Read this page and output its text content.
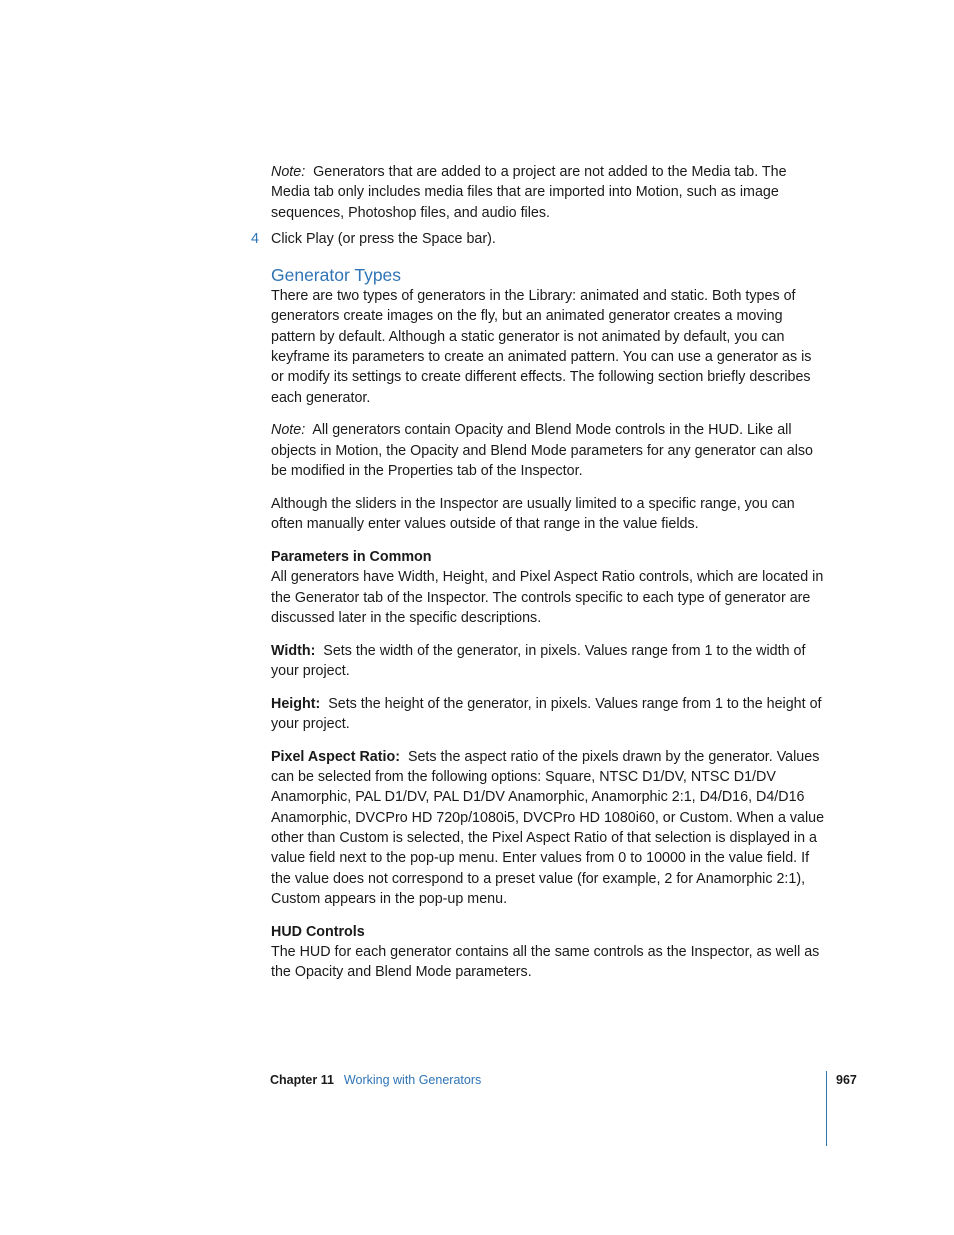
Note: Generators that are added to a project are not added to the Media tab. The Media tab only includes media files that are imported into Motion, such as image sequences, Photoshop files, and audio files.

4 Click Play (or press the Space bar).

Generator Types

There are two types of generators in the Library: animated and static. Both types of generators create images on the fly, but an animated generator creates a moving pattern by default. Although a static generator is not animated by default, you can keyframe its parameters to create an animated pattern. You can use a generator as is or modify its settings to create different effects. The following section briefly describes each generator.

Note: All generators contain Opacity and Blend Mode controls in the HUD. Like all objects in Motion, the Opacity and Blend Mode parameters for any generator can also be modified in the Properties tab of the Inspector.

Although the sliders in the Inspector are usually limited to a specific range, you can often manually enter values outside of that range in the value fields.

Parameters in Common

All generators have Width, Height, and Pixel Aspect Ratio controls, which are located in the Generator tab of the Inspector. The controls specific to each type of generator are discussed later in the specific descriptions.

Width: Sets the width of the generator, in pixels. Values range from 1 to the width of your project.

Height: Sets the height of the generator, in pixels. Values range from 1 to the height of your project.

Pixel Aspect Ratio: Sets the aspect ratio of the pixels drawn by the generator. Values can be selected from the following options: Square, NTSC D1/DV, NTSC D1/DV Anamorphic, PAL D1/DV, PAL D1/DV Anamorphic, Anamorphic 2:1, D4/D16, D4/D16 Anamorphic, DVCPro HD 720p/1080i5, DVCPro HD 1080i60, or Custom. When a value other than Custom is selected, the Pixel Aspect Ratio of that selection is displayed in a value field next to the pop-up menu. Enter values from 0 to 10000 in the value field. If the value does not correspond to a preset value (for example, 2 for Anamorphic 2:1), Custom appears in the pop-up menu.

HUD Controls

The HUD for each generator contains all the same controls as the Inspector, as well as the Opacity and Blend Mode parameters.

Chapter 11 Working with Generators	967
